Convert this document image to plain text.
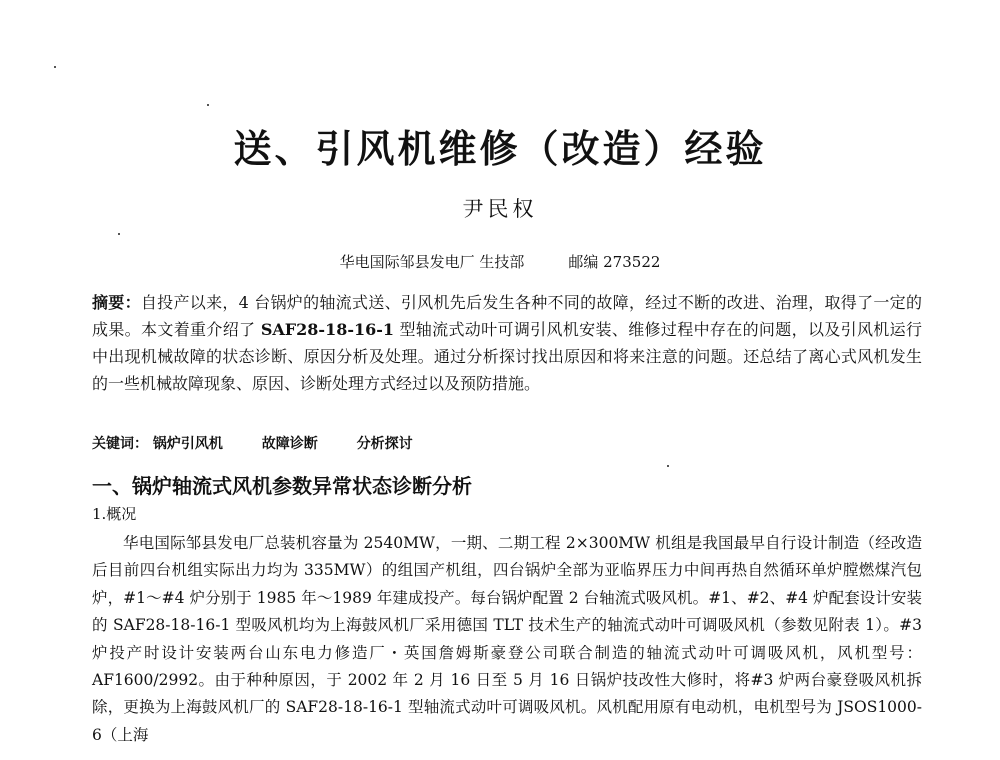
送、引风机维修（改造）经验
尹民权
华电国际邹县发电厂 生技部	邮编 273522
摘要：自投产以来，4 台锅炉的轴流式送、引风机先后发生各种不同的故障，经过不断的改进、治理，取得了一定的成果。本文着重介绍了 SAF28-18-16-1 型轴流式动叶可调引风机安装、维修过程中存在的问题，以及引风机运行中出现机械故障的状态诊断、原因分析及处理。通过分析探讨找出原因和将来注意的问题。还总结了离心式风机发生的一些机械故障现象、原因、诊断处理方式经过以及预防措施。
关键词： 锅炉引风机	故障诊断	分析探讨
一、锅炉轴流式风机参数异常状态诊断分析
1.概况
华电国际邹县发电厂总装机容量为 2540MW，一期、二期工程 2×300MW 机组是我国最早自行设计制造（经改造后目前四台机组实际出力均为 335MW）的组国产机组，四台锅炉全部为亚临界压力中间再热自然循环单炉膛燃煤汽包炉，#1～#4 炉分别于 1985 年～1989 年建成投产。每台锅炉配置 2 台轴流式吸风机。#1、#2、#4 炉配套设计安装的 SAF28-18-16-1 型吸风机均为上海鼓风机厂采用德国 TLT 技术生产的轴流式动叶可调吸风机（参数见附表 1）。#3 炉投产时设计安装两台山东电力修造厂・英国詹姆斯豪登公司联合制造的轴流式动叶可调吸风机，风机型号：AF1600/2992。由于种种原因，于 2002 年 2 月 16 日至 5 月 16 日锅炉技改性大修时，将#3 炉两台豪登吸风机拆除，更换为上海鼓风机厂的 SAF28-18-16-1 型轴流式动叶可调吸风机。风机配用原有电动机，电机型号为 JSOS1000-6（上海
